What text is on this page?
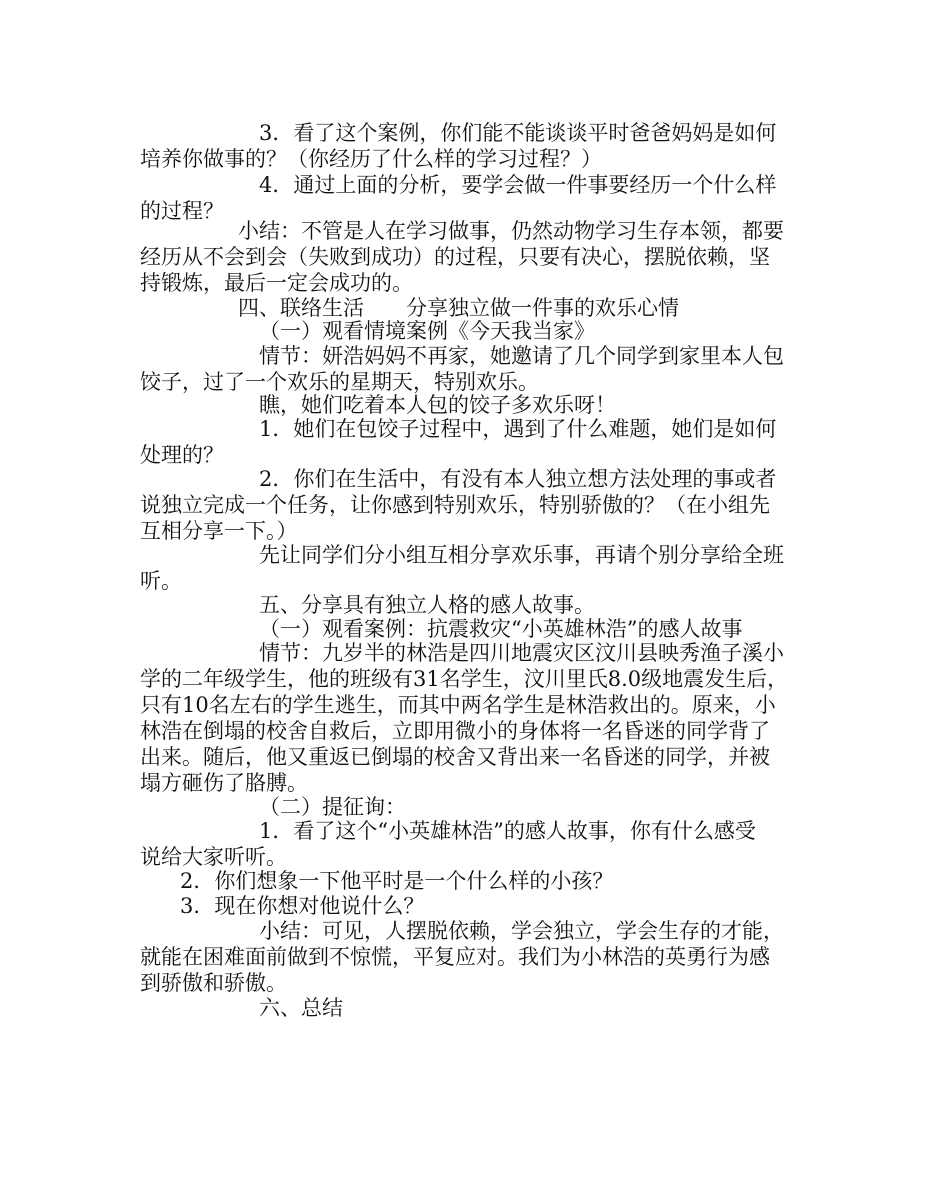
3．看了这个案例，你们能不能谈谈平时爸爸妈妈是如何
培养你做事的？（你经历了什么样的学习过程？）
4．通过上面的分析，要学会做一件事要经历一个什么样
的过程？
小结：不管是人在学习做事，仍然动物学习生存本领，都要
经历从不会到会（失败到成功）的过程，只要有决心，摆脱依赖，坚
持锻炼，最后一定会成功的。
四、联络生活　　分享独立做一件事的欢乐心情
（一）观看情境案例《今天我当家》
情节：妍浩妈妈不再家，她邀请了几个同学到家里本人包
饺子，过了一个欢乐的星期天，特别欢乐。
瞧，她们吃着本人包的饺子多欢乐呀！
1．她们在包饺子过程中，遇到了什么难题，她们是如何
处理的？
2．你们在生活中，有没有本人独立想方法处理的事或者
说独立完成一个任务，让你感到特别欢乐，特别骄傲的？（在小组先
互相分享一下。）
先让同学们分小组互相分享欢乐事，再请个别分享给全班
听。
五、分享具有独立人格的感人故事。
（一）观看案例：抗震救灾“小英雄林浩”的感人故事
情节：九岁半的林浩是四川地震灾区汶川县映秀渔子溪小
学的二年级学生，他的班级有31名学生，汶川里氏8.0级地震发生后，
只有10名左右的学生逃生，而其中两名学生是林浩救出的。原来，小
林浩在倒塌的校舍自救后，立即用微小的身体将一名昏迷的同学背了
出来。随后，他又重返已倒塌的校舍又背出来一名昏迷的同学，并被
塌方砸伤了胳膊。
（二）提征询：
1．看了这个“小英雄林浩”的感人故事，你有什么感受
说给大家听听。
2．你们想象一下他平时是一个什么样的小孩？
3．现在你想对他说什么？
小结：可见，人摆脱依赖，学会独立，学会生存的才能，
就能在困难面前做到不惊慌，平复应对。我们为小林浩的英勇行为感
到骄傲和骄傲。
六、总结
